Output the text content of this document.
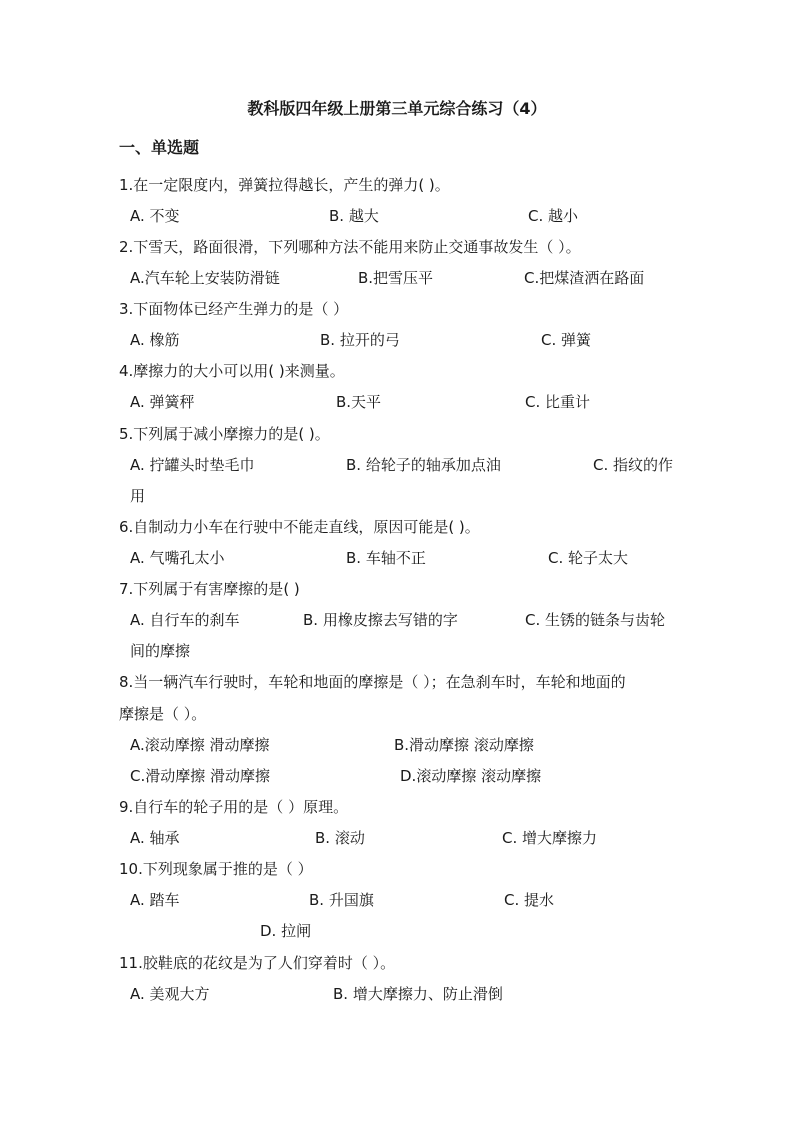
教科版四年级上册第三单元综合练习（4）
一、单选题
1.在一定限度内，弹簧拉得越长，产生的弹力( )。
A. 不变	B. 越大	C. 越小
2.下雪天，路面很滑，下列哪种方法不能用来防止交通事故发生（ ）。
A.汽车轮上安装防滑链	B.把雪压平	C.把煤渣洒在路面
3.下面物体已经产生弹力的是（ ）
A. 橡筋	B. 拉开的弓	C. 弹簧
4.摩擦力的大小可以用( )来测量。
A. 弹簧秤	B.天平	C. 比重计
5.下列属于减小摩擦力的是( )。
A. 拧罐头时垫毛巾	B. 给轮子的轴承加点油	C. 指纹的作
用
6.自制动力小车在行驶中不能走直线，原因可能是( )。
A. 气嘴孔太小	B. 车轴不正	C. 轮子太大
7.下列属于有害摩擦的是( )
A. 自行车的刹车	B. 用橡皮擦去写错的字	C. 生锈的链条与齿轮
间的摩擦
8.当一辆汽车行驶时，车轮和地面的摩擦是（ ）；在急刹车时，车轮和地面的
摩擦是（ ）。
A.滚动摩擦 滑动摩擦	B.滑动摩擦 滚动摩擦
C.滑动摩擦 滑动摩擦	D.滚动摩擦 滚动摩擦
9.自行车的轮子用的是（ ）原理。
A. 轴承	B. 滚动	C. 增大摩擦力
10.下列现象属于推的是（ ）
A. 踏车	B. 升国旗	C. 提水
D. 拉闸
11.胶鞋底的花纹是为了人们穿着时（ ）。
A. 美观大方	B. 增大摩擦力、防止滑倒
